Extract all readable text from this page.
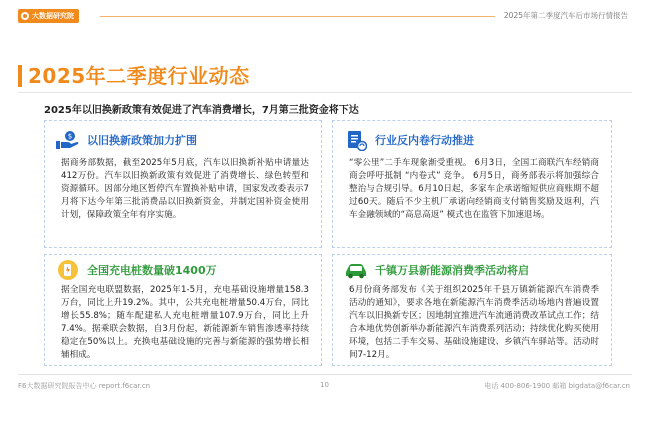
大数据研究院	2025年第二季度汽车后市场行情报告
2025年二季度行业动态
2025年以旧换新政策有效促进了汽车消费增长，7月第三批资金将下达
$ 以旧换新政策加力扩围

据商务部数据，截至2025年5月底，汽车以旧换新补贴申请量达412万份。汽车以旧换新政策有效促进了消费增长、绿色转型和资源循环。因部分地区暂停汽车置换补贴申请，国家发改委表示7月将下达今年第三批消费品以旧换新资金，并制定国补资金使用计划，保障政策全年有序实施。

行业反内卷行动推进

“零公里”二手车现象渐受重视。 6月3日，全国工商联汽车经销商商会呼吁抵制 “内卷式” 竞争。 6月5日，商务部表示将加强综合整治与合规引导。6月10日起，多家车企承诺缩短供应商账期不超过60天。随后不少主机厂承诺向经销商支付销售奖励及返利，汽车金融领域的“高息高返” 模式也在监管下加速退场。

全国充电桩数量破1400万

据全国充电联盟数据，2025年1-5月，充电基础设施增量158.3万台，同比上升19.2%。其中，公共充电桩增量50.4万台，同比增长55.8%；随车配建私人充电桩增量107.9万台，同比上升7.4%。据乘联会数据，自3月份起，新能源新车销售渗透率持续稳定在50%以上。充换电基础设施的完善与新能源的强势增长相辅相成。

千镇万县新能源消费季活动将启

6月份商务部发布《关于组织2025年千县万镇新能源汽车消费季活动的通知》，要求各地在新能源汽车消费季活动场地内普遍设置汽车以旧换新专区；因地制宜推进汽车流通消费改革试点工作；结合本地优势创新举办新能源汽车消费系列活动；持续优化购买使用环境，包括二手车交易、基础设施建设、乡镇汽车驿站等。活动时间7-12月。

F6大数据研究院报告中心 report.f6car.cn	10	电话 400-806-1900 邮箱 bigdata@f6car.cn
